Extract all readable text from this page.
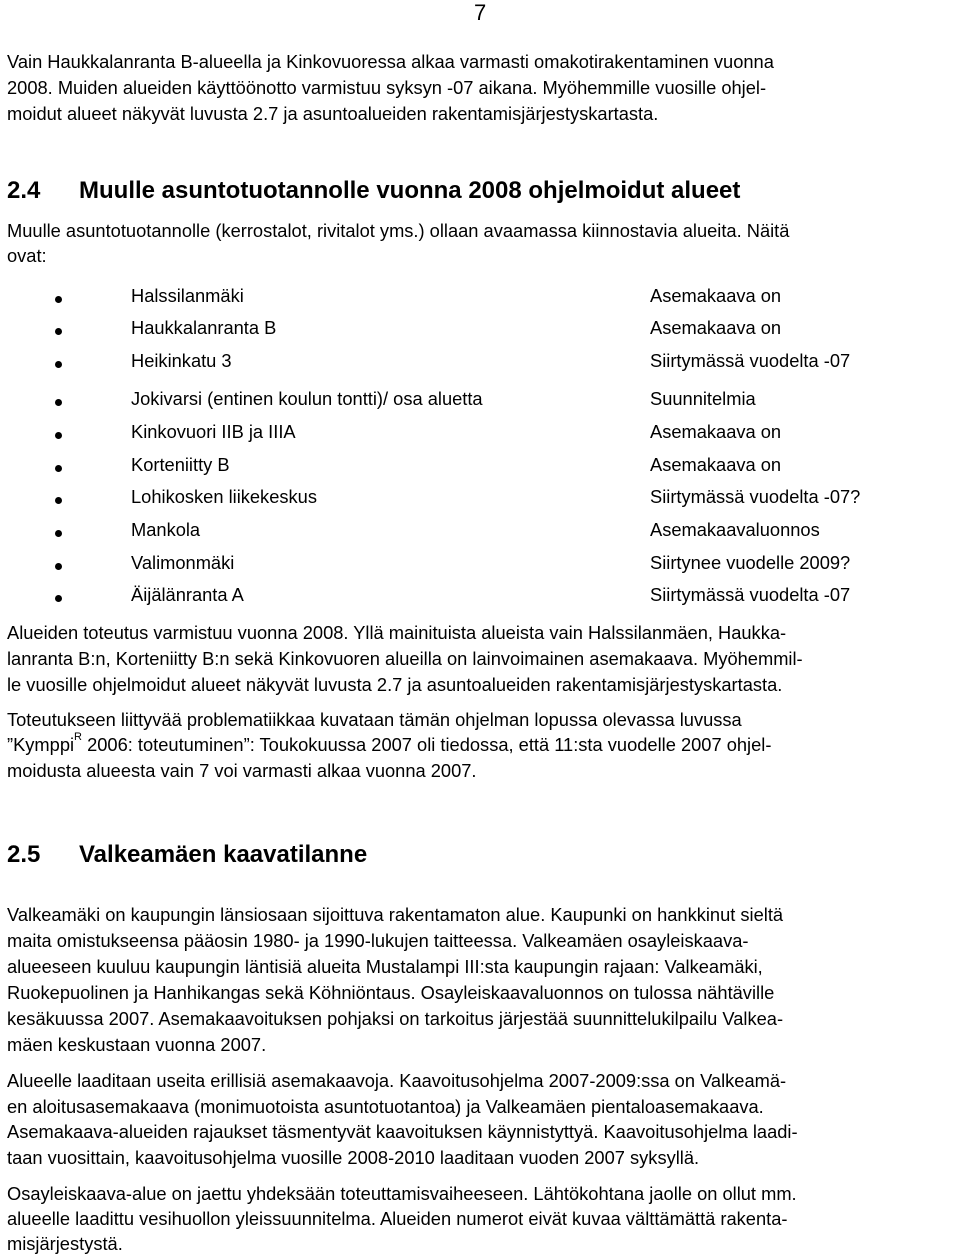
7
Vain Haukkalanranta B-alueella ja Kinkovuoressa alkaa varmasti omakotirakentaminen vuonna
2008. Muiden alueiden käyttöönotto varmistuu syksyn -07 aikana. Myöhemmille vuosille ohjel-
moidut alueet näkyvät luvusta 2.7 ja asuntoalueiden rakentamisjärjestyskartasta.
2.4 Muulle asuntotuotannolle vuonna 2008 ohjelmoidut alueet
Muulle asuntotuotannolle (kerrostalot, rivitalot yms.) ollaan avaamassa kiinnostavia alueita. Näitä
ovat:
Halssilanmäki	Asemakaava on
Haukkalanranta B	Asemakaava on
Heikinkatu 3	Siirtymässä vuodelta -07
Jokivarsi (entinen koulun tontti)/ osa aluetta	Suunnitelmia
Kinkovuori IIB ja IIIA	Asemakaava on
Korteniitty B	Asemakaava on
Lohikosken liikekeskus	Siirtymässä vuodelta -07?
Mankola	Asemakaavaluonnos
Valimonmäki	Siirtynee vuodelle 2009?
Äijälänranta A	Siirtymässä vuodelta -07
Alueiden toteutus varmistuu vuonna 2008. Yllä mainituista alueista vain Halssilanmäen, Haukka-
lanranta B:n, Korteniitty B:n sekä Kinkovuoren alueilla on lainvoimainen asemakaava. Myöhemmil-
le vuosille ohjelmoidut alueet näkyvät luvusta 2.7 ja asuntoalueiden rakentamisjärjestyskartasta.
Toteutukseen liittyvää problematiikkaa kuvataan tämän ohjelman lopussa olevassa luvussa
”Kymppi$^R$ 2006: toteutuminen”: Toukokuussa 2007 oli tiedossa, että 11:sta vuodelle 2007 ohjel-
moidusta alueesta vain 7 voi varmasti alkaa vuonna 2007.
2.5 Valkeamäen kaavatilanne
Valkeamäki on kaupungin länsiosaan sijoittuva rakentamaton alue. Kaupunki on hankkinut sieltä
maita omistukseensa pääosin 1980- ja 1990-lukujen taitteessa. Valkeamäen osayleiskaava-
alueeseen kuuluu kaupungin läntisiä alueita Mustalampi III:sta kaupungin rajaan: Valkeamäki,
Ruokepuolinen ja Hanhikangas sekä Köhniöntaus. Osayleiskaavaluonnos on tulossa nähtäville
kesäkuussa 2007. Asemakaavoituksen pohjaksi on tarkoitus järjestää suunnittelukilpailu Valkea-
mäen keskustaan vuonna 2007.
Alueelle laaditaan useita erillisiä asemakaavoja. Kaavoitusohjelma 2007-2009:ssa on Valkeamä-
en aloitusasemakaava (monimuotoista asuntotuotantoa) ja Valkeamäen pientaloasemakaava.
Asemakaava-alueiden rajaukset täsmentyvät kaavoituksen käynnistyttyä. Kaavoitusohjelma laadi-
taan vuosittain, kaavoitusohjelma vuosille 2008-2010 laaditaan vuoden 2007 syksyllä.
Osayleiskaava-alue on jaettu yhdeksään toteuttamisvaiheeseen. Lähtökohtana jaolle on ollut mm.
alueelle laadittu vesihuollon yleissuunnitelma. Alueiden numerot eivät kuvaa välttämättä rakenta-
misjärjestystä.
